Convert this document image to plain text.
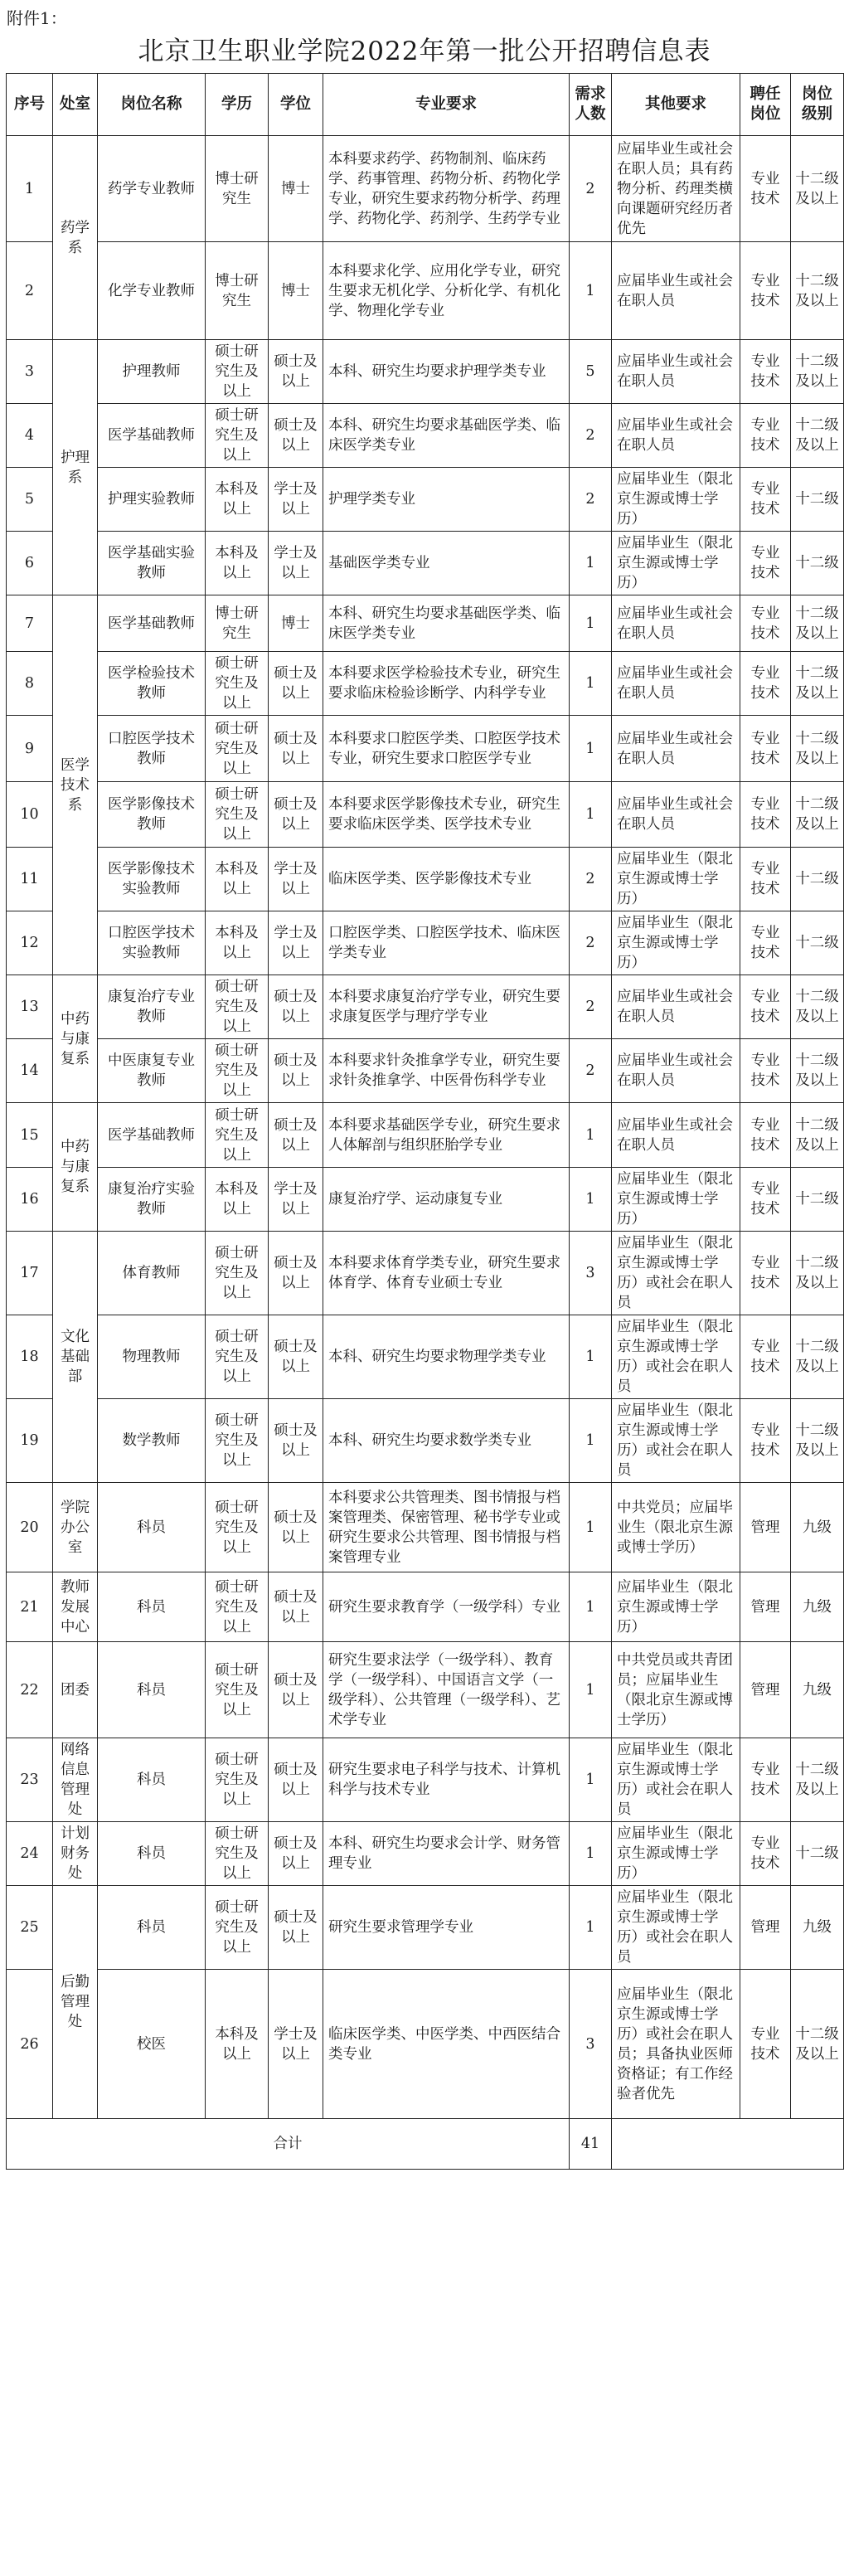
附件1：
北京卫生职业学院2022年第一批公开招聘信息表
序号	处室	岗位名称	学历	学位	专业要求	需求人数	其他要求	聘任岗位	岗位级别
1	药学系	药学专业教师	博士研究生	博士	本科要求药学、药物制剂、临床药学、药事管理、药物分析、药物化学专业，研究生要求药物分析学、药理学、药物化学、药剂学、生药学专业	2	应届毕业生或社会在职人员；具有药物分析、药理类横向课题研究经历者优先	专业技术	十二级及以上
2		化学专业教师	博士研究生	博士	本科要求化学、应用化学专业，研究生要求无机化学、分析化学、有机化学、物理化学专业	1	应届毕业生或社会在职人员	专业技术	十二级及以上
3	护理系	护理教师	硕士研究生及以上	硕士及以上	本科、研究生均要求护理学类专业	5	应届毕业生或社会在职人员	专业技术	十二级及以上
4		医学基础教师	硕士研究生及以上	硕士及以上	本科、研究生均要求基础医学类、临床医学类专业	2	应届毕业生或社会在职人员	专业技术	十二级及以上
5		护理实验教师	本科及以上	学士及以上	护理学类专业	2	应届毕业生（限北京生源或博士学历）	专业技术	十二级
6		医学基础实验教师	本科及以上	学士及以上	基础医学类专业	1	应届毕业生（限北京生源或博士学历）	专业技术	十二级
7	医学技术系	医学基础教师	博士研究生	博士	本科、研究生均要求基础医学类、临床医学类专业	1	应届毕业生或社会在职人员	专业技术	十二级及以上
8		医学检验技术教师	硕士研究生及以上	硕士及以上	本科要求医学检验技术专业，研究生要求临床检验诊断学、内科学专业	1	应届毕业生或社会在职人员	专业技术	十二级及以上
9		口腔医学技术教师	硕士研究生及以上	硕士及以上	本科要求口腔医学类、口腔医学技术专业，研究生要求口腔医学专业	1	应届毕业生或社会在职人员	专业技术	十二级及以上
10		医学影像技术教师	硕士研究生及以上	硕士及以上	本科要求医学影像技术专业，研究生要求临床医学类、医学技术专业	1	应届毕业生或社会在职人员	专业技术	十二级及以上
11		医学影像技术实验教师	本科及以上	学士及以上	临床医学类、医学影像技术专业	2	应届毕业生（限北京生源或博士学历）	专业技术	十二级
12		口腔医学技术实验教师	本科及以上	学士及以上	口腔医学类、口腔医学技术、临床医学类专业	2	应届毕业生（限北京生源或博士学历）	专业技术	十二级
13	中药与康复系	康复治疗专业教师	硕士研究生及以上	硕士及以上	本科要求康复治疗学专业，研究生要求康复医学与理疗学专业	2	应届毕业生或社会在职人员	专业技术	十二级及以上
14		中医康复专业教师	硕士研究生及以上	硕士及以上	本科要求针灸推拿学专业，研究生要求针灸推拿学、中医骨伤科学专业	2	应届毕业生或社会在职人员	专业技术	十二级及以上
15	中药与康复系	医学基础教师	硕士研究生及以上	硕士及以上	本科要求基础医学专业，研究生要求人体解剖与组织胚胎学专业	1	应届毕业生或社会在职人员	专业技术	十二级及以上
16		康复治疗实验教师	本科及以上	学士及以上	康复治疗学、运动康复专业	1	应届毕业生（限北京生源或博士学历）	专业技术	十二级
17	文化基础部	体育教师	硕士研究生及以上	硕士及以上	本科要求体育学类专业，研究生要求体育学、体育专业硕士专业	3	应届毕业生（限北京生源或博士学历）或社会在职人员	专业技术	十二级及以上
18		物理教师	硕士研究生及以上	硕士及以上	本科、研究生均要求物理学类专业	1	应届毕业生（限北京生源或博士学历）或社会在职人员	专业技术	十二级及以上
19		数学教师	硕士研究生及以上	硕士及以上	本科、研究生均要求数学类专业	1	应届毕业生（限北京生源或博士学历）或社会在职人员	专业技术	十二级及以上
20	学院办公室	科员	硕士研究生及以上	硕士及以上	本科要求公共管理类、图书情报与档案管理类、保密管理、秘书学专业或研究生要求公共管理、图书情报与档案管理专业	1	中共党员；应届毕业生（限北京生源或博士学历）	管理	九级
21	教师发展中心	科员	硕士研究生及以上	硕士及以上	研究生要求教育学（一级学科）专业	1	应届毕业生（限北京生源或博士学历）	管理	九级
22	团委	科员	硕士研究生及以上	硕士及以上	研究生要求法学（一级学科）、教育学（一级学科）、中国语言文学（一级学科）、公共管理（一级学科）、艺术学专业	1	中共党员或共青团员；应届毕业生（限北京生源或博士学历）	管理	九级
23	网络信息管理处	科员	硕士研究生及以上	硕士及以上	研究生要求电子科学与技术、计算机科学与技术专业	1	应届毕业生（限北京生源或博士学历）或社会在职人员	专业技术	十二级及以上
24	计划财务处	科员	硕士研究生及以上	硕士及以上	本科、研究生均要求会计学、财务管理专业	1	应届毕业生（限北京生源或博士学历）	专业技术	十二级
25	后勤管理处	科员	硕士研究生及以上	硕士及以上	研究生要求管理学专业	1	应届毕业生（限北京生源或博士学历）或社会在职人员	管理	九级
26		校医	本科及以上	学士及以上	临床医学类、中医学类、中西医结合类专业	3	应届毕业生（限北京生源或博士学历）或社会在职人员；具备执业医师资格证；有工作经验者优先	专业技术	十二级及以上
合计						41			
